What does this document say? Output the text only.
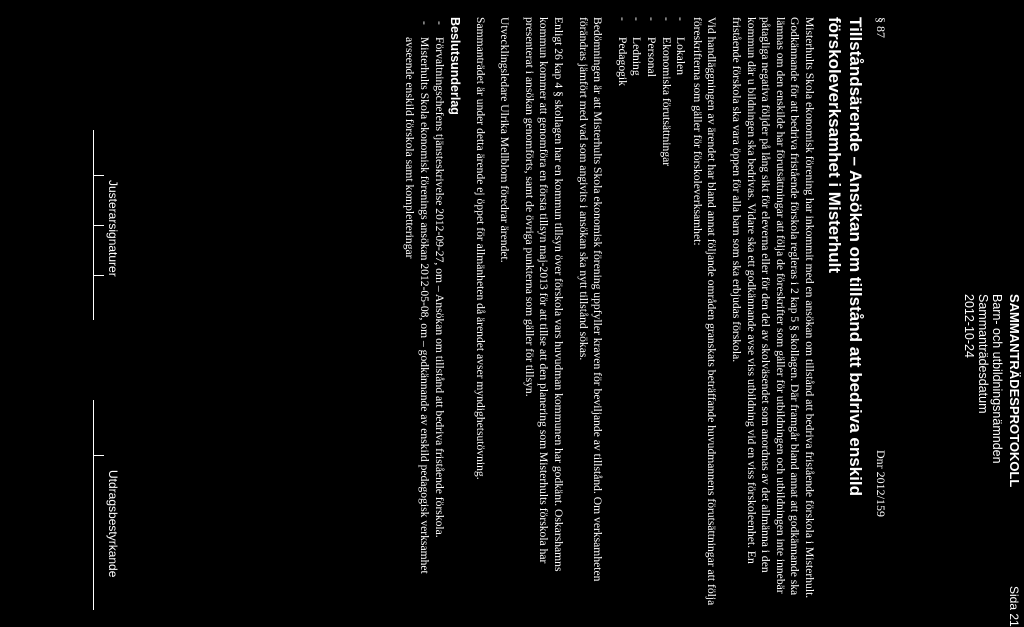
SAMMANTRÄDESPROTOKOLL
Sida 21
Barn- och utbildningsnämnden
Sammanträdesdatum
2012-10-24
§ 87
Dnr 2012/159
Tillståndsärende – Ansökan om tillstånd att bedriva enskild förskoleverksamhet i Misterhult

Misterhults Skola ekonomisk förening har inkommit med en ansökan om tillstånd att bedriva fristående förskola i Misterhult. Godkännande för att bedriva fristående förskola regleras i 2 kap 5 § skollagen. Där framgår bland annat att godkännande ska lämnas om den enskilde har förutsättningar att följa de föreskrifter som gäller för utbildningen och utbildningen inte innebär påtagliga negativa följder på lång sikt för eleverna eller för den del av skolväsendet som anordnas av det allmänna i den kommun där u bildningen ska bedrivas. Vidare ska ett godkännande avse viss utbildning vid en viss förskoleenhet. En fristående förskola ska vara öppen för alla barn som ska erbjudas förskola.

Vid handläggningen av ärendet har bland annat följande områden granskats beträffande huvudmannens förutsättningar att följa föreskrifterna som gäller för förskoleverksamhet:

- Lokalen
- Ekonomiska förutsättningar
- Personal
- Ledning
- Pedagogik

Bedömningen är att Misterhults Skola ekonomisk förening uppfyller kraven för beviljande av tillstånd. Om verksamheten förändras jämfört med vad som angivits i ansökan ska nytt tillstånd sökas.

Enligt 26 kap 4 § skollagen har en kommun tillsyn över förskola vars huvudman kommunen har godkänt. Oskarshamns kommun kommer att genomföra en första tillsyn maj-2013 för att tillse att den planering som Misterhults förskola har presenterat i ansökan genomförts, samt de övriga punkterna som gäller för tillsyn.

Utvecklingsledare Ulrika Mellblom föredrar ärendet.

Sammanträdet är under detta ärende ej öppet för allmänheten då ärendet avser myndighetsutövning.

Beslutsunderlag
- Förvaltningschefens tjänsteskrivelse 2012-09-27, om – Ansökan om tillstånd att bedriva fristående förskola.
- Misterhults Skola ekonomisk förenings ansökan 2012-05-08, om – godkännande av enskild pedagogisk verksamhet avseende enskild förskola samt kompletteringar
Justerarsignaturer
Utdragsbestyrkande
